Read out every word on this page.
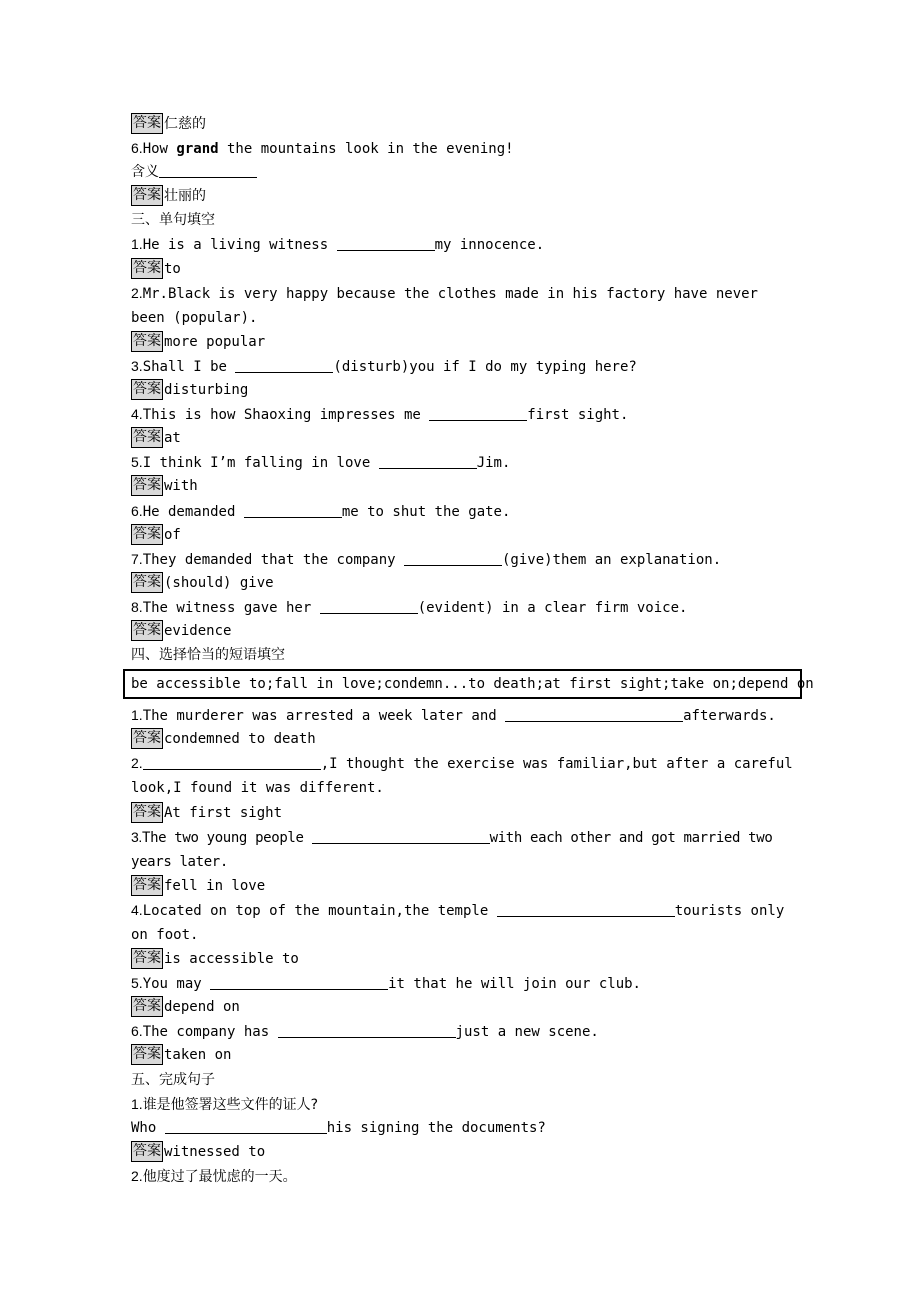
答案 仁慈的
6.How grand the mountains look in the evening!
含义
答案 壮丽的
三、单句填空
1.He is a living witness	my innocence.
答案 to
2.Mr.Black is very happy because the clothes made in his factory have never been (popular).
答案 more popular
3.Shall I be	(disturb)you if I do my typing here?
答案 disturbing
4.This is how Shaoxing impresses me	first sight.
答案 at
5.I think I’m falling in love	Jim.
答案 with
6.He demanded	me to shut the gate.
答案 of
7.They demanded that the company	(give)them an explanation.
答案 (should) give
8.The witness gave her	(evident) in a clear firm voice.
答案 evidence
四、选择恰当的短语填空
be accessible to;fall in love;condemn...to death;at first sight;take on;depend on
1.The murderer was arrested a week later and	afterwards.
答案 condemned to death
2.	,I thought the exercise was familiar,but after a careful look,I found it was different.
答案 At first sight
3.The two young people	with each other and got married two years later.
答案 fell in love
4.Located on top of the mountain,the temple	tourists only on foot.
答案 is accessible to
5.You may	it that he will join our club.
答案 depend on
6.The company has	just a new scene.
答案 taken on
五、完成句子
1.谁是他签署这些文件的证人?
Who	his signing the documents?
答案 witnessed to
2.他度过了最忧虑的一天。
